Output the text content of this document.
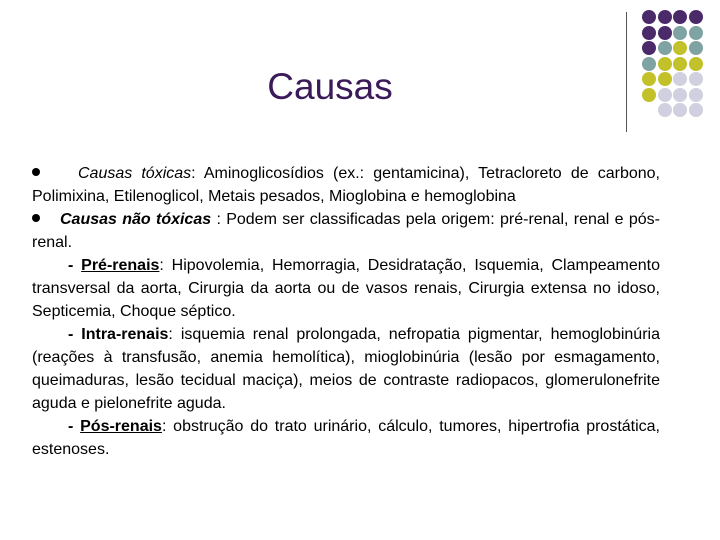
Causas

Causas tóxicas: Aminoglicosídios (ex.: gentamicina), Tetracloreto de carbono, Polimixina, Etilenoglicol, Metais pesados, Mioglobina e hemoglobina

Causas não tóxicas : Podem ser classificadas pela origem: pré-renal, renal e pós-renal.

- Pré-renais: Hipovolemia, Hemorragia, Desidratação, Isquemia, Clampeamento transversal da aorta, Cirurgia da aorta ou de vasos renais, Cirurgia extensa no idoso, Septicemia, Choque séptico.

- Intra-renais: isquemia renal prolongada, nefropatia pigmentar, hemoglobinúria (reações à transfusão, anemia hemolítica), mioglobinúria (lesão por esmagamento, queimaduras, lesão tecidual maciça), meios de contraste radiopacos, glomerulonefrite aguda e pielonefrite aguda.

- Pós-renais: obstrução do trato urinário, cálculo, tumores, hipertrofia prostática, estenoses.
